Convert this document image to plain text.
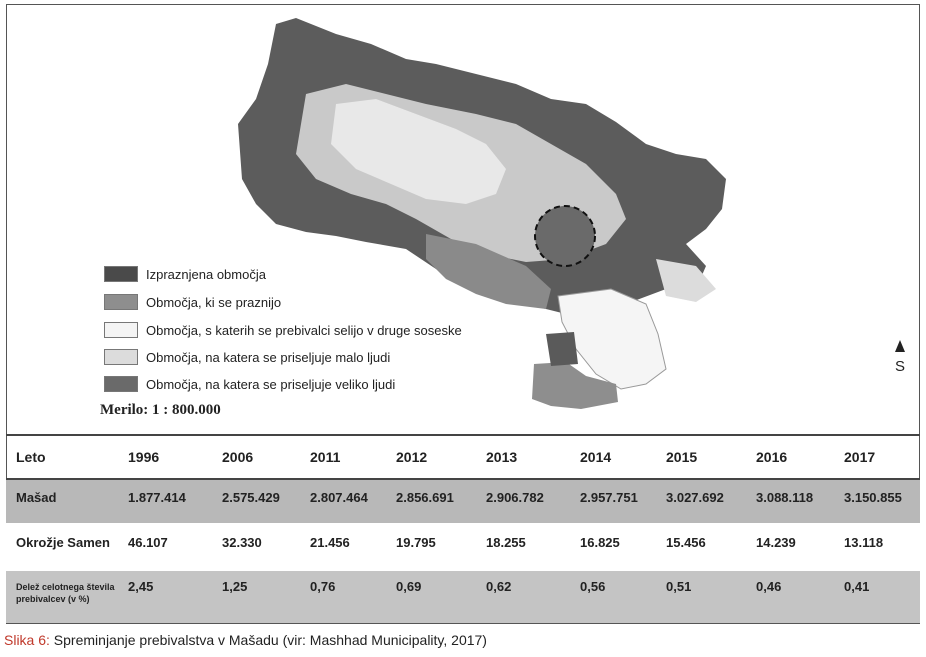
Izpraznjena območja
Območja, ki se praznijo
Območja, s katerih se prebivalci selijo v druge soseske
Območja, na katera se priseljuje malo ljudi
Območja, na katera se priseljuje veliko ljudi
Merilo: 1 : 800.000
S
Leto	1996	2006	2011	2012	2013	2014	2015	2016	2017
Mašad	1.877.414	2.575.429	2.807.464	2.856.691	2.906.782	2.957.751	3.027.692	3.088.118	3.150.855
Okrožje Samen	46.107	32.330	21.456	19.795	18.255	16.825	15.456	14.239	13.118

Delež celotnega števila prebivalcev (v %)	2,45	1,25	0,76	0,69	0,62	0,56	0,51	0,46	0,41
Slika 6: Spreminjanje prebivalstva v Mašadu (vir: Mashhad Municipality, 2017)
